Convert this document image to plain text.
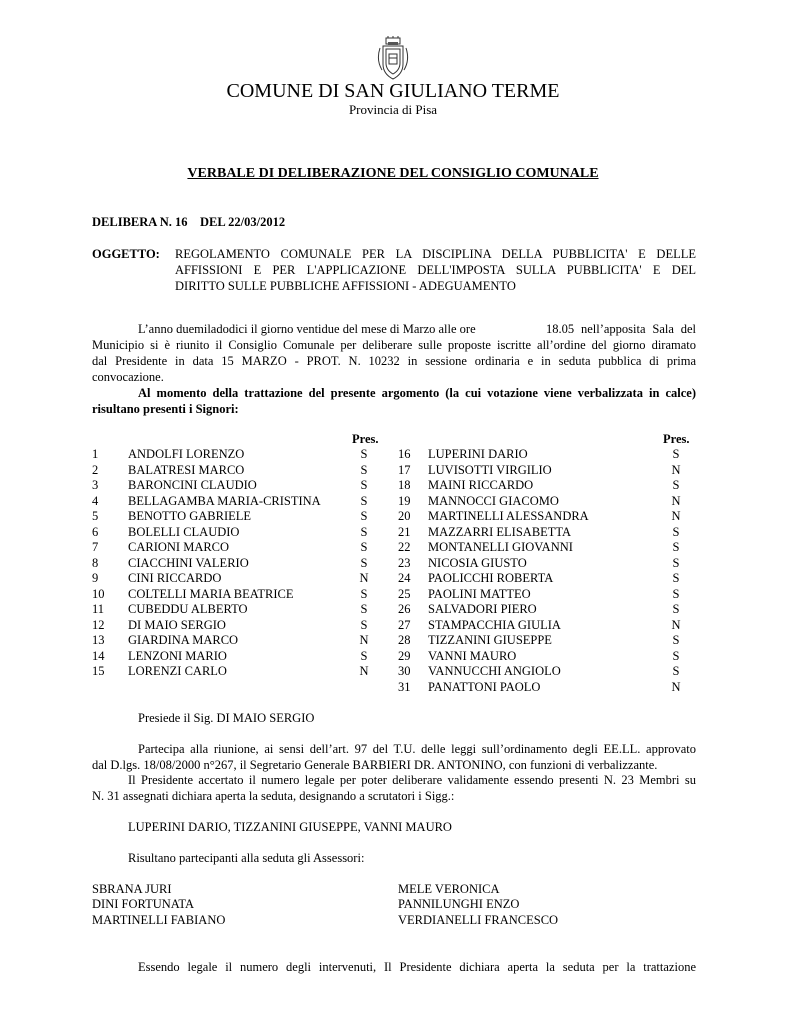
COMUNE DI SAN GIULIANO TERME
Provincia di Pisa
VERBALE DI DELIBERAZIONE DEL CONSIGLIO COMUNALE
DELIBERA N. 16    DEL 22/03/2012
OGGETTO: REGOLAMENTO COMUNALE PER LA DISCIPLINA DELLA PUBBLICITA' E DELLE
AFFISSIONI E PER L'APPLICAZIONE DELL'IMPOSTA SULLA PUBBLICITA' E DEL
DIRITTO SULLE PUBBLICHE AFFISSIONI - ADEGUAMENTO
L’anno duemiladodici il giorno ventidue del mese di Marzo alle ore	18.05 nell’apposita Sala del
Municipio si è riunito il Consiglio Comunale per deliberare sulle proposte iscritte all’ordine del giorno diramato
dal Presidente in data 15 MARZO - PROT. N. 10232 in sessione ordinaria e in seduta pubblica di prima
convocazione.
Al momento della trattazione del presente argomento (la cui votazione viene verbalizzata in calce)
risultano presenti i Signori:
Pres.	Pres.
1 ANDOLFI LORENZO	S
2 BALATRESI MARCO	S
3 BARONCINI CLAUDIO	S
4 BELLAGAMBA MARIA-CRISTINA	S
5 BENOTTO GABRIELE	S
6 BOLELLI CLAUDIO	S
7 CARIONI MARCO	S
8 CIACCHINI VALERIO	S
9 CINI RICCARDO	N
10 COLTELLI MARIA BEATRICE	S
11 CUBEDDU ALBERTO	S
12 DI MAIO SERGIO	S
13 GIARDINA MARCO	N
14 LENZONI MARIO	S
15 LORENZI CARLO	N
16 LUPERINI DARIO	S
17 LUVISOTTI VIRGILIO	N
18 MAINI RICCARDO	S
19 MANNOCCI GIACOMO	N
20 MARTINELLI ALESSANDRA	N
21 MAZZARRI ELISABETTA	S
22 MONTANELLI GIOVANNI	S
23 NICOSIA GIUSTO	S
24 PAOLICCHI ROBERTA	S
25 PAOLINI MATTEO	S
26 SALVADORI PIERO	S
27 STAMPACCHIA GIULIA	N
28 TIZZANINI GIUSEPPE	S
29 VANNI MAURO	S
30 VANNUCCHI ANGIOLO	S
31 PANATTONI PAOLO	N
Presiede il Sig. DI MAIO SERGIO
Partecipa alla riunione, ai sensi dell’art. 97 del T.U. delle leggi sull’ordinamento degli EE.LL. approvato
dal D.lgs. 18/08/2000 n°267, il Segretario Generale BARBIERI DR. ANTONINO, con funzioni di verbalizzante.
Il Presidente accertato il numero legale per poter deliberare validamente essendo presenti N. 23 Membri su
N. 31 assegnati dichiara aperta la seduta, designando a scrutatori i Sigg.:
LUPERINI DARIO, TIZZANINI GIUSEPPE, VANNI MAURO
Risultano partecipanti alla seduta gli Assessori:
SBRANA JURI
DINI FORTUNATA
MARTINELLI FABIANO
MELE VERONICA
PANNILUNGHI ENZO
VERDIANELLI FRANCESCO
Essendo legale il numero degli intervenuti, Il Presidente dichiara aperta la seduta per la trattazione
